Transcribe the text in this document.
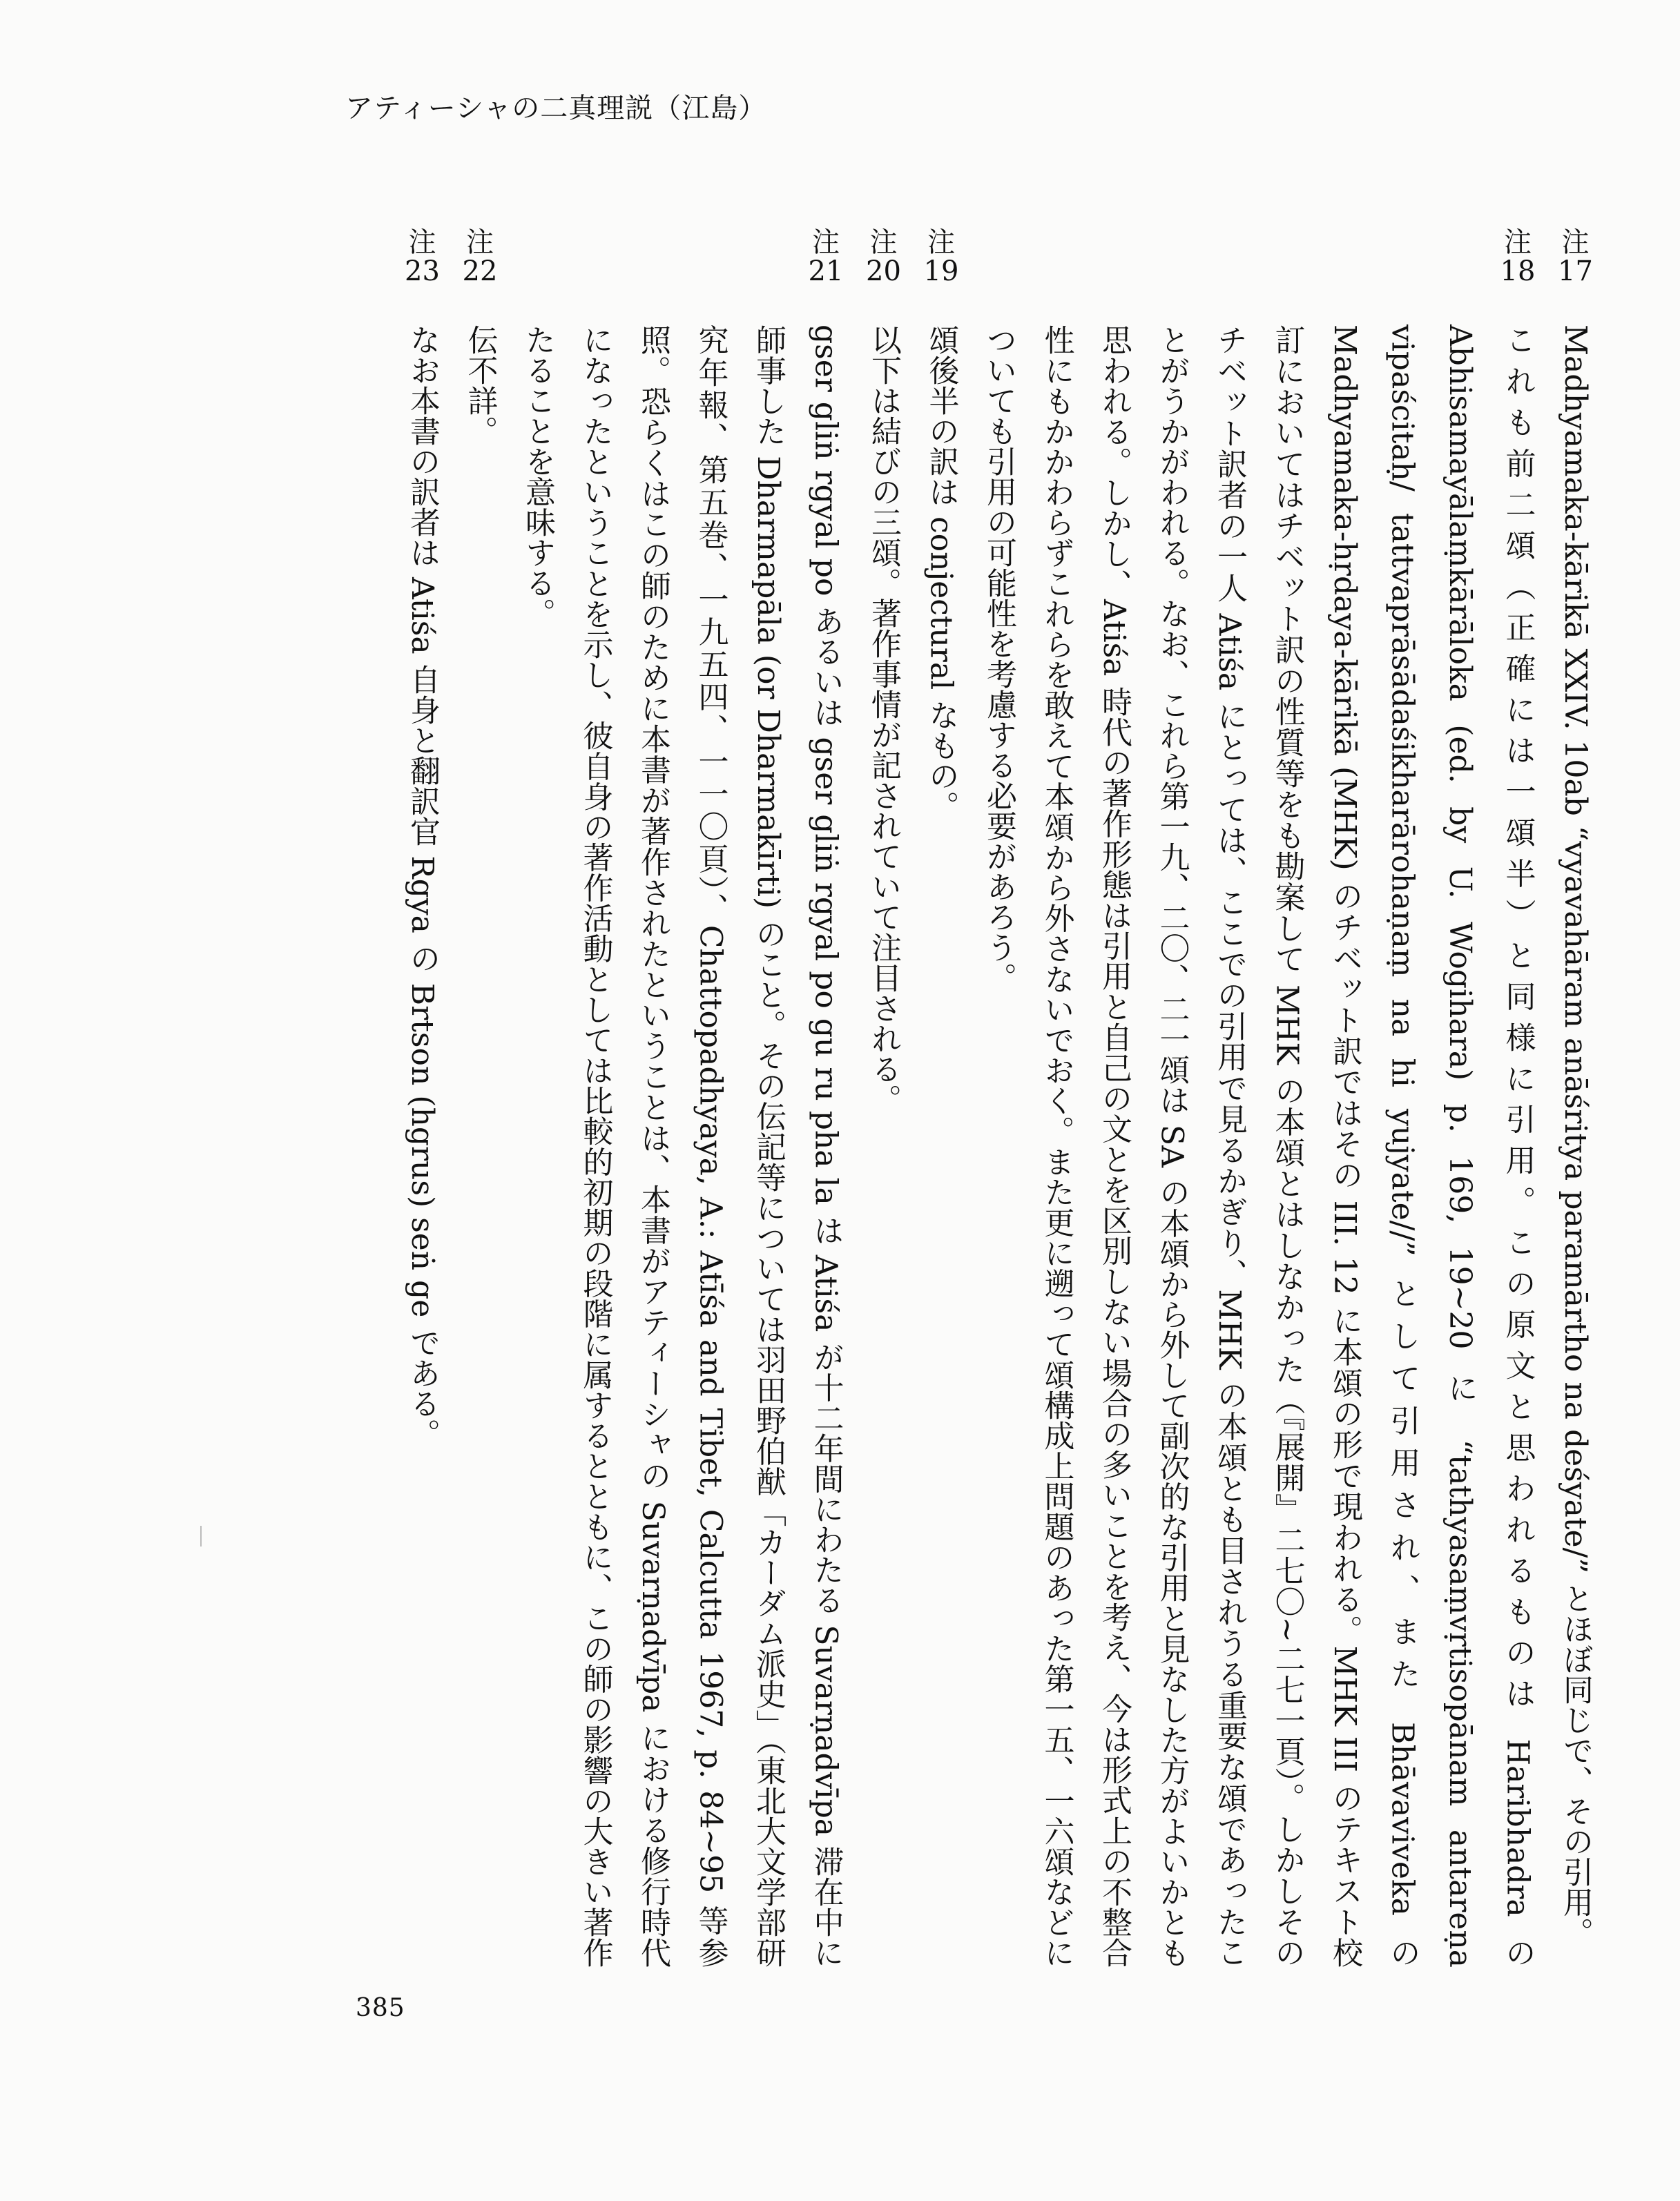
アティーシャの二真理説（江島）

注
17
Madhyamaka-kārikā XXIV. 10ab “vyavahāram anāśritya paramārtho na deśyate/” とほぼ同じで、その引用。

注
18
これも前二頌（正確には一頌半）と同様に引用。この原文と思われるものは Haribhadra の Abhisamayālaṃkārāloka (ed. by U. Wogihara) p. 169, 19~20 に “tathyasaṃvṛtisopānam antareṇa vipaścitaḥ/ tattvaprāsādaśikharārohaṇaṃ na hi yujyate//” として引用され、また Bhāvaviveka の Madhyamaka-hṛdaya-kārikā (MHK) のチベット訳ではその III. 12 に本頌の形で現われる。MHK III のテキスト校訂においてはチベット訳の性質等をも勘案して MHK の本頌とはしなかった（『展開』二七〇~二七一頁）。しかしそのチベット訳者の一人 Atiśa にとっては、ここでの引用で見るかぎり、MHK の本頌とも目されうる重要な頌であったことがうかがわれる。なお、これら第一九、二〇、二一頌は SA の本頌から外して副次的な引用と見なした方がよいかとも思われる。しかし、Atiśa 時代の著作形態は引用と自己の文とを区別しない場合の多いことを考え、今は形式上の不整合性にもかかわらずこれらを敢えて本頌から外さないでおく。また更に遡って頌構成上問題のあった第一五、一六頌などについても引用の可能性を考慮する必要があろう。

注
19
頌後半の訳は conjectural なもの。

注
20
以下は結びの三頌。著作事情が記されていて注目される。

注
21
gser gliṅ rgyal po あるいは gser gliṅ rgyal po gu ru pha la は Atiśa が十二年間にわたる Suvarṇadvīpa 滞在中に師事した Dharmapāla (or Dharmakīrti) のこと。その伝記等については羽田野伯猷「カーダム派史」（東北大文学部研究年報、第五巻、一九五四、一一〇頁）、Chattopadhyaya, A.: Atīśa and Tibet, Calcutta 1967, p. 84~95 等参照。恐らくはこの師のために本書が著作されたということは、本書がアティーシャの Suvarṇadvīpa における修行時代になったということを示し、彼自身の著作活動としては比較的初期の段階に属するとともに、この師の影響の大きい著作たることを意味する。

注
22
伝不詳。

注
23
なお本書の訳者は Atiśa 自身と翻訳官 Rgya の Brtson (hgrus) seṅ ge である。

385
